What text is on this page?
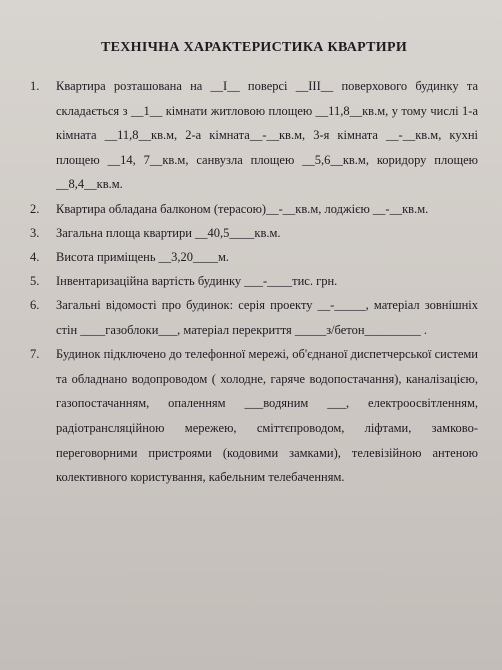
ТЕХНІЧНА ХАРАКТЕРИСТИКА КВАРТИРИ
1. Квартира розташована на __І__ поверсі __ІІІ__ поверхового будинку та складається з __1__ кімнати житловою площею __11,8__кв.м, у тому числі 1-а кімната __11,8__кв.м, 2-а кімната__-__кв.м, 3-я кімната __-__кв.м, кухні площею __14, 7__кв.м, санвузла площею __5,6__кв.м, коридору площею __8,4__кв.м.
2. Квартира обладана балконом (терасою)__-__кв.м, лоджією __-__кв.м.
3. Загальна площа квартири __40,5____кв.м.
4. Висота приміщень __3,20____м.
5. Інвентаризаційна вартість будинку ___-____тис. грн.
6. Загальні відомості про будинок: серія проекту __-_____, матеріал зовнішніх стін ____газоблоки___, матеріал перекриття _____з/бетон_________ .
7. Будинок підключено до телефонної мережі, об'єднаної диспетчерської системи та обладнано водопроводом ( холодне, гаряче водопостачання), каналізацією, газопостачанням, опаленням ___водяним ___, електроосвітленням, радіотрансляційною мережею, сміттєпроводом, ліфтами, замково-переговорними пристроями (кодовими замками), телевізійною антеною колективного користування, кабельним телебаченням.
